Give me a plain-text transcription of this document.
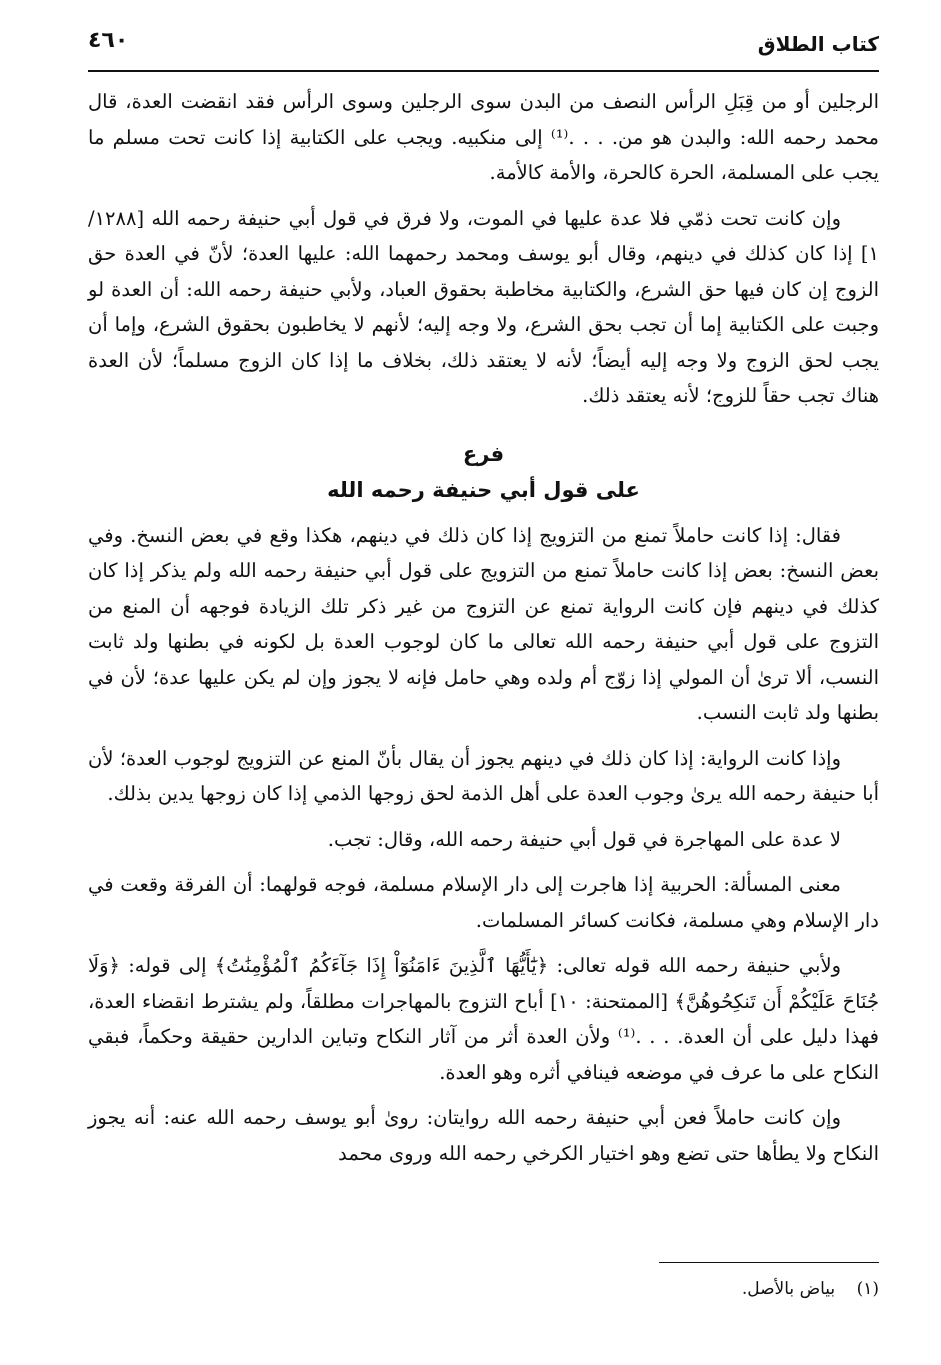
كتاب الطلاق
٤٦٠

الرجلين أو من قِبَلِ الرأس النصف من البدن سوى الرجلين وسوى الرأس فقد انقضت العدة، قال محمد رحمه الله: والبدن هو من. . . .⁽¹⁾ إلى منكبيه. ويجب على الكتابية إذا كانت تحت مسلم ما يجب على المسلمة، الحرة كالحرة، والأمة كالأمة.

وإن كانت تحت ذمّي فلا عدة عليها في الموت، ولا فرق في قول أبي حنيفة رحمه الله [١٢٨٨/ ١] إذا كان كذلك في دينهم، وقال أبو يوسف ومحمد رحمهما الله: عليها العدة؛ لأنّ في العدة حق الزوج إن كان فيها حق الشرع، والكتابية مخاطبة بحقوق العباد، ولأبي حنيفة رحمه الله: أن العدة لو وجبت على الكتابية إما أن تجب بحق الشرع، ولا وجه إليه؛ لأنهم لا يخاطبون بحقوق الشرع، وإما أن يجب لحق الزوج ولا وجه إليه أيضاً؛ لأنه لا يعتقد ذلك، بخلاف ما إذا كان الزوج مسلماً؛ لأن العدة هناك تجب حقاً للزوج؛ لأنه يعتقد ذلك.

فرع
على قول أبي حنيفة رحمه الله

فقال: إذا كانت حاملاً تمنع من التزويج إذا كان ذلك في دينهم، هكذا وقع في بعض النسخ. وفي بعض النسخ: بعض إذا كانت حاملاً تمنع من التزويج على قول أبي حنيفة رحمه الله ولم يذكر إذا كان كذلك في دينهم فإن كانت الرواية تمنع عن التزوج من غير ذكر تلك الزيادة فوجهه أن المنع من التزوج على قول أبي حنيفة رحمه الله تعالى ما كان لوجوب العدة بل لكونه في بطنها ولد ثابت النسب، ألا ترىٰ أن المولي إذا زوّج أم ولده وهي حامل فإنه لا يجوز وإن لم يكن عليها عدة؛ لأن في بطنها ولد ثابت النسب.

وإذا كانت الرواية: إذا كان ذلك في دينهم يجوز أن يقال بأنّ المنع عن التزويج لوجوب العدة؛ لأن أبا حنيفة رحمه الله يرىٰ وجوب العدة على أهل الذمة لحق زوجها الذمي إذا كان زوجها يدين بذلك.

لا عدة على المهاجرة في قول أبي حنيفة رحمه الله، وقال: تجب.

معنى المسألة: الحربية إذا هاجرت إلى دار الإسلام مسلمة، فوجه قولهما: أن الفرقة وقعت في دار الإسلام وهي مسلمة، فكانت كسائر المسلمات.

ولأبي حنيفة رحمه الله قوله تعالى: ﴿يَٰٓأَيُّهَا ٱلَّذِينَ ءَامَنُوٓاْ إِذَا جَآءَكُمُ ٱلْمُؤْمِنَٰتُ﴾ إلى قوله: ﴿وَلَا جُنَاحَ عَلَيْكُمْ أَن تَنكِحُوهُنَّ﴾ [الممتحنة: ١٠] أباح التزوج بالمهاجرات مطلقاً، ولم يشترط انقضاء العدة، فهذا دليل على أن العدة. . . .⁽¹⁾ ولأن العدة أثر من آثار النكاح وتباين الدارين حقيقة وحكماً، فبقي النكاح على ما عرف في موضعه فينافي أثره وهو العدة.

وإن كانت حاملاً فعن أبي حنيفة رحمه الله روايتان: روىٰ أبو يوسف رحمه الله عنه: أنه يجوز النكاح ولا يطأها حتى تضع وهو اختيار الكرخي رحمه الله وروى محمد

(١) بياض بالأصل.
